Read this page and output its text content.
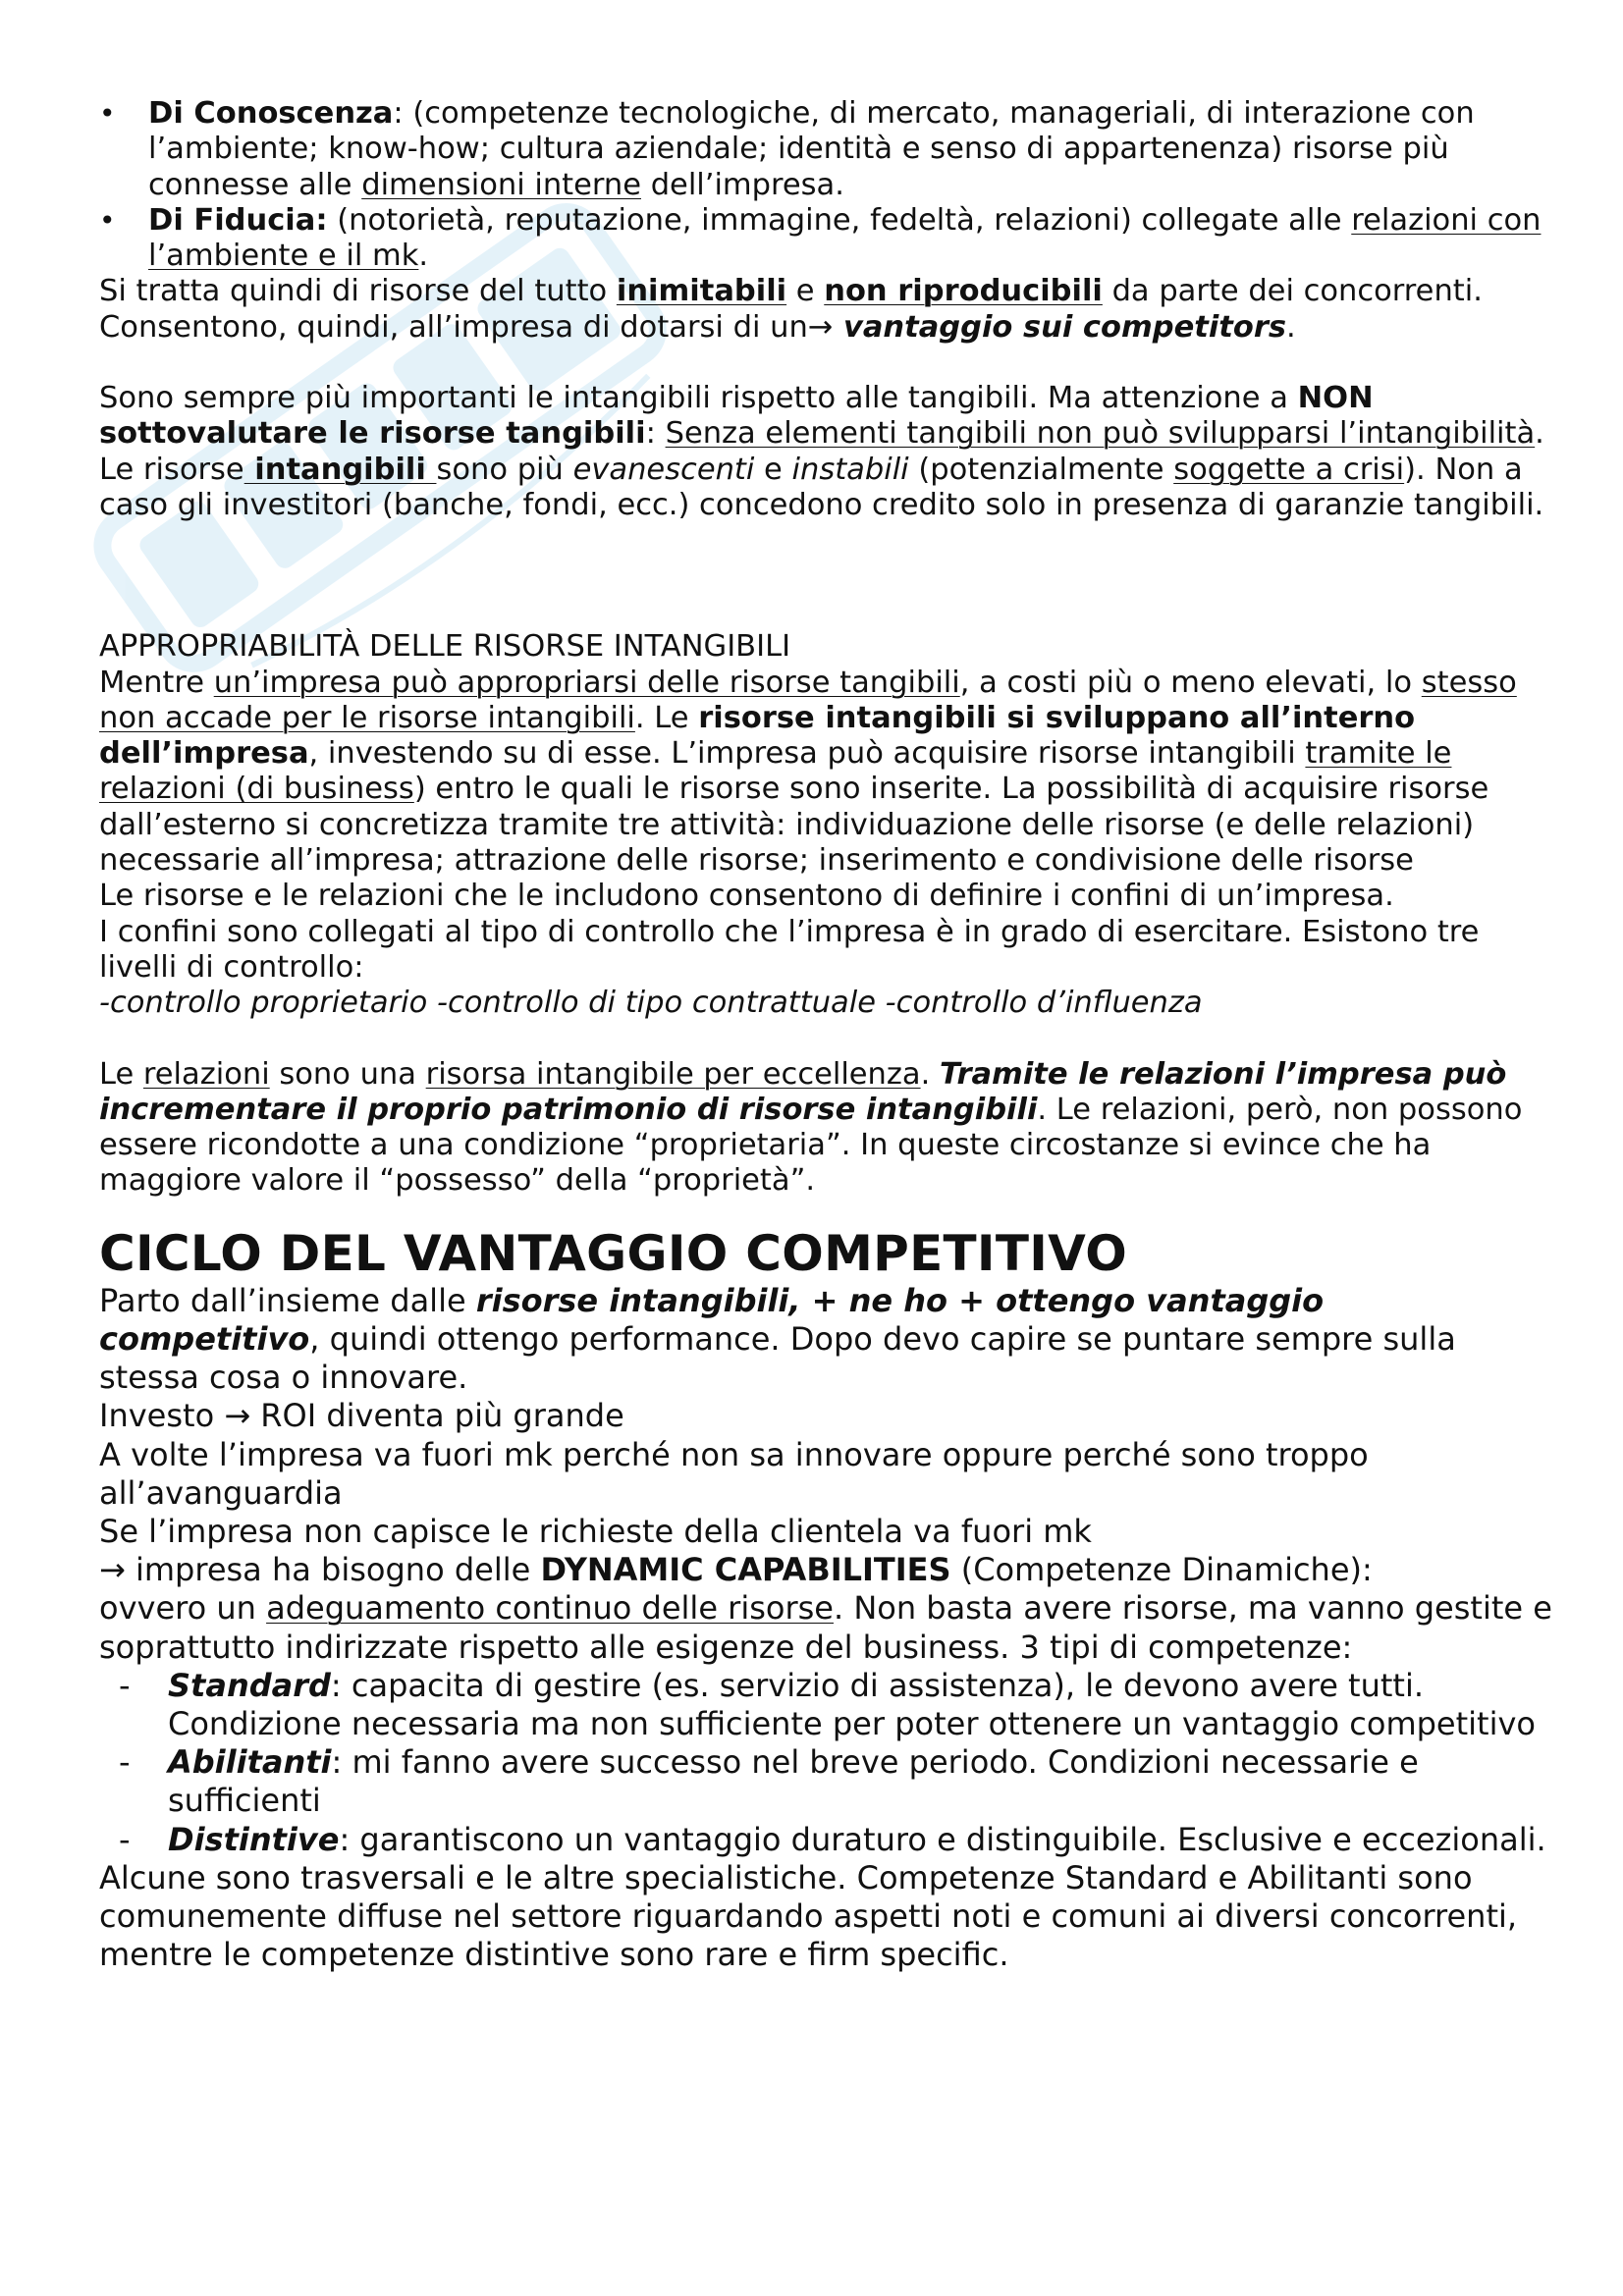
• Di Conoscenza: (competenze tecnologiche, di mercato, manageriali, di interazione con l’ambiente; know-how; cultura aziendale; identità e senso di appartenenza) risorse più connesse alle dimensioni interne dell’impresa.
• Di Fiducia: (notorietà, reputazione, immagine, fedeltà, relazioni) collegate alle relazioni con l’ambiente e il mk.

Si tratta quindi di risorse del tutto inimitabili e non riproducibili da parte dei concorrenti.
Consentono, quindi, all’impresa di dotarsi di un→ vantaggio sui competitors.

Sono sempre più importanti le intangibili rispetto alle tangibili. Ma attenzione a NON sottovalutare le risorse tangibili: Senza elementi tangibili non può svilupparsi l’intangibilità.
Le risorse intangibili sono più evanescenti e instabili (potenzialmente soggette a crisi). Non a caso gli investitori (banche, fondi, ecc.) concedono credito solo in presenza di garanzie tangibili.

APPROPRIABILITÀ DELLE RISORSE INTANGIBILI

Mentre un’impresa può appropriarsi delle risorse tangibili, a costi più o meno elevati, lo stesso non accade per le risorse intangibili. Le risorse intangibili si sviluppano all’interno dell’impresa, investendo su di esse. L’impresa può acquisire risorse intangibili tramite le relazioni (di business) entro le quali le risorse sono inserite. La possibilità di acquisire risorse dall’esterno si concretizza tramite tre attività: individuazione delle risorse (e delle relazioni) necessarie all’impresa; attrazione delle risorse; inserimento e condivisione delle risorse

Le risorse e le relazioni che le includono consentono di definire i confini di un’impresa.

I confini sono collegati al tipo di controllo che l’impresa è in grado di esercitare. Esistono tre livelli di controllo:

-controllo proprietario -controllo di tipo contrattuale -controllo d’influenza

Le relazioni sono una risorsa intangibile per eccellenza. Tramite le relazioni l’impresa può incrementare il proprio patrimonio di risorse intangibili. Le relazioni, però, non possono essere ricondotte a una condizione “proprietaria”. In queste circostanze si evince che ha maggiore valore il “possesso” della “proprietà”.

CICLO DEL VANTAGGIO COMPETITIVO

Parto dall’insieme dalle risorse intangibili, + ne ho + ottengo vantaggio competitivo, quindi ottengo performance. Dopo devo capire se puntare sempre sulla stessa cosa o innovare.

Investo → ROI diventa più grande

A volte l’impresa va fuori mk perché non sa innovare oppure perché sono troppo all’avanguardia

Se l’impresa non capisce le richieste della clientela va fuori mk

→ impresa ha bisogno delle DYNAMIC CAPABILITIES (Competenze Dinamiche):

ovvero un adeguamento continuo delle risorse. Non basta avere risorse, ma vanno gestite e soprattutto indirizzate rispetto alle esigenze del business. 3 tipi di competenze:

- Standard: capacita di gestire (es. servizio di assistenza), le devono avere tutti. Condizione necessaria ma non sufficiente per poter ottenere un vantaggio competitivo
- Abilitanti: mi fanno avere successo nel breve periodo. Condizioni necessarie e sufficienti
- Distintive: garantiscono un vantaggio duraturo e distinguibile. Esclusive e eccezionali.

Alcune sono trasversali e le altre specialistiche. Competenze Standard e Abilitanti sono comunemente diffuse nel settore riguardando aspetti noti e comuni ai diversi concorrenti, mentre le competenze distintive sono rare e firm specific.
